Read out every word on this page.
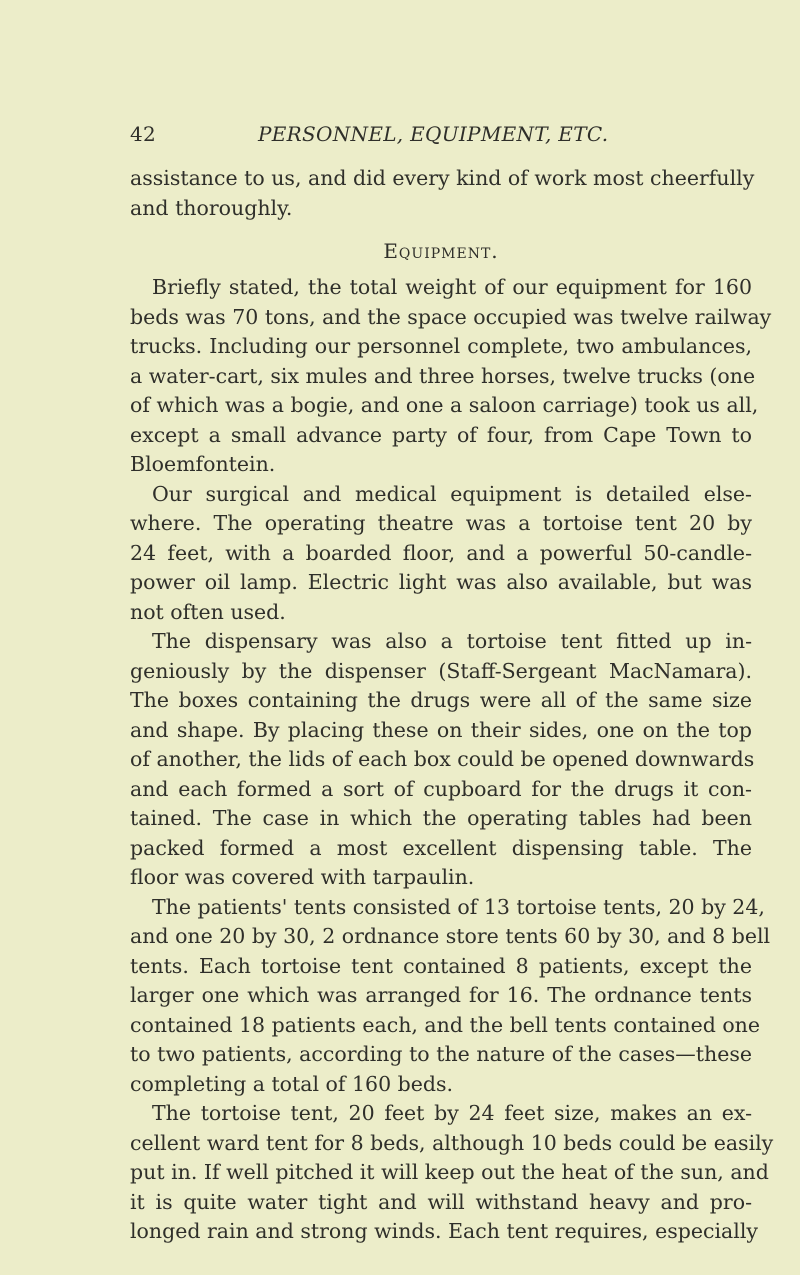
42	PERSONNEL, EQUIPMENT, ETC.
assistance to us, and did every kind of work most cheerfully
and thoroughly.
Equipment.
Briefly stated, the total weight of our equipment for 160
beds was 70 tons, and the space occupied was twelve railway
trucks. Including our personnel complete, two ambulances,
a water-cart, six mules and three horses, twelve trucks (one
of which was a bogie, and one a saloon carriage) took us all,
except a small advance party of four, from Cape Town to
Bloemfontein.
Our surgical and medical equipment is detailed else-
where. The operating theatre was a tortoise tent 20 by
24 feet, with a boarded floor, and a powerful 50-candle-
power oil lamp. Electric light was also available, but was
not often used.
The dispensary was also a tortoise tent fitted up in-
geniously by the dispenser (Staff-Sergeant MacNamara).
The boxes containing the drugs were all of the same size
and shape. By placing these on their sides, one on the top
of another, the lids of each box could be opened downwards
and each formed a sort of cupboard for the drugs it con-
tained. The case in which the operating tables had been
packed formed a most excellent dispensing table. The
floor was covered with tarpaulin.
The patients' tents consisted of 13 tortoise tents, 20 by 24,
and one 20 by 30, 2 ordnance store tents 60 by 30, and 8 bell
tents. Each tortoise tent contained 8 patients, except the
larger one which was arranged for 16. The ordnance tents
contained 18 patients each, and the bell tents contained one
to two patients, according to the nature of the cases—these
completing a total of 160 beds.
The tortoise tent, 20 feet by 24 feet size, makes an ex-
cellent ward tent for 8 beds, although 10 beds could be easily
put in. If well pitched it will keep out the heat of the sun, and
it is quite water tight and will withstand heavy and pro-
longed rain and strong winds. Each tent requires, especially
